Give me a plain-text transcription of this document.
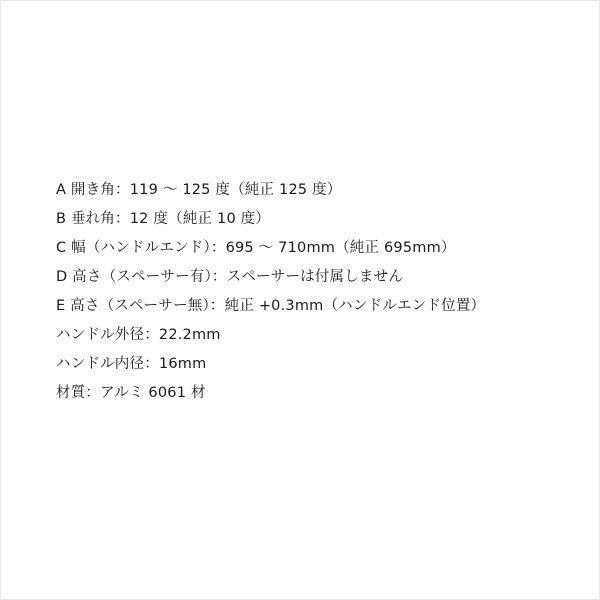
A 開き角：119 〜 125 度（純正 125 度）
B 垂れ角：12 度（純正 10 度）
C 幅（ハンドルエンド）：695 〜 710mm（純正 695mm）
D 高さ（スペーサー有）：スペーサーは付属しません
E 高さ（スペーサー無）：純正 +0.3mm（ハンドルエンド位置）
ハンドル外径：22.2mm
ハンドル内径：16mm
材質：アルミ 6061 材
